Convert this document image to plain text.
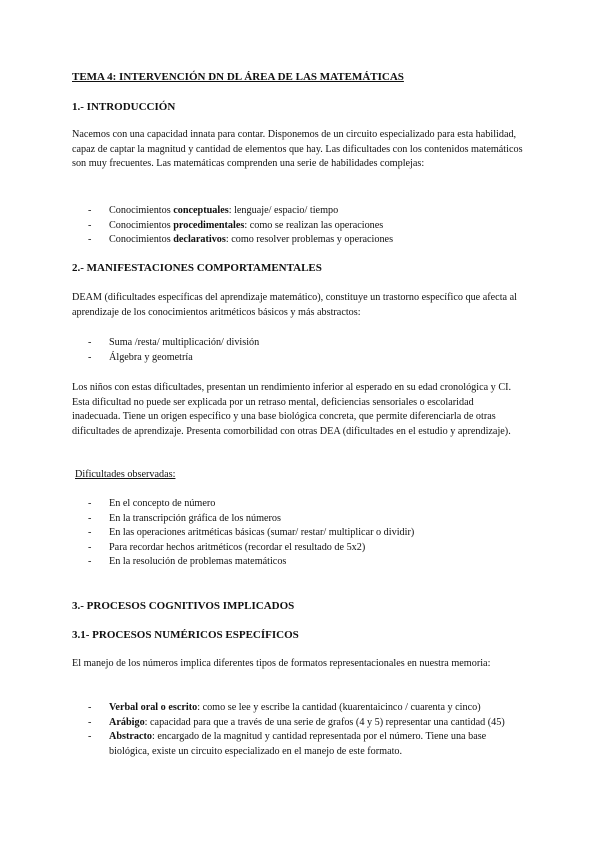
TEMA 4: INTERVENCIÓN DN DL ÁREA DE LAS MATEMÁTICAS

1.- INTRODUCCIÓN

Nacemos con una capacidad innata para contar. Disponemos de un circuito especializado para esta habilidad, capaz de captar la magnitud y cantidad de elementos que hay. Las dificultades con los contenidos matemáticos son muy frecuentes. Las matemáticas comprenden una serie de habilidades complejas:

- Conocimientos conceptuales: lenguaje/ espacio/ tiempo
- Conocimientos procedimentales: como se realizan las operaciones
- Conocimientos declarativos: como resolver problemas y operaciones

2.- MANIFESTACIONES COMPORTAMENTALES

DEAM (dificultades específicas del aprendizaje matemático), constituye un trastorno específico que afecta al aprendizaje de los conocimientos aritméticos básicos y más abstractos:

- Suma /resta/ multiplicación/ división
- Álgebra y geometría

Los niños con estas dificultades, presentan un rendimiento inferior al esperado en su edad cronológica y CI. Esta dificultad no puede ser explicada por un retraso mental, deficiencias sensoriales o escolaridad inadecuada. Tiene un origen específico y una base biológica concreta, que permite diferenciarla de otras dificultades de aprendizaje. Presenta comorbilidad con otras DEA (dificultades en el estudio y aprendizaje).

Dificultades observadas:

- En el concepto de número
- En la transcripción gráfica de los números
- En las operaciones aritméticas básicas (sumar/ restar/ multiplicar o dividir)
- Para recordar hechos aritméticos (recordar el resultado de 5x2)
- En la resolución de problemas matemáticos

3.- PROCESOS COGNITIVOS IMPLICADOS

3.1- PROCESOS NUMÉRICOS ESPECÍFICOS

El manejo de los números implica diferentes tipos de formatos representacionales en nuestra memoria:

- Verbal oral o escrito: como se lee y escribe la cantidad (kuarentaicinco / cuarenta y cinco)
- Arábigo: capacidad para que a través de una serie de grafos (4 y 5) representar una cantidad (45)
- Abstracto: encargado de la magnitud y cantidad representada por el número. Tiene una base biológica, existe un circuito especializado en el manejo de este formato.
